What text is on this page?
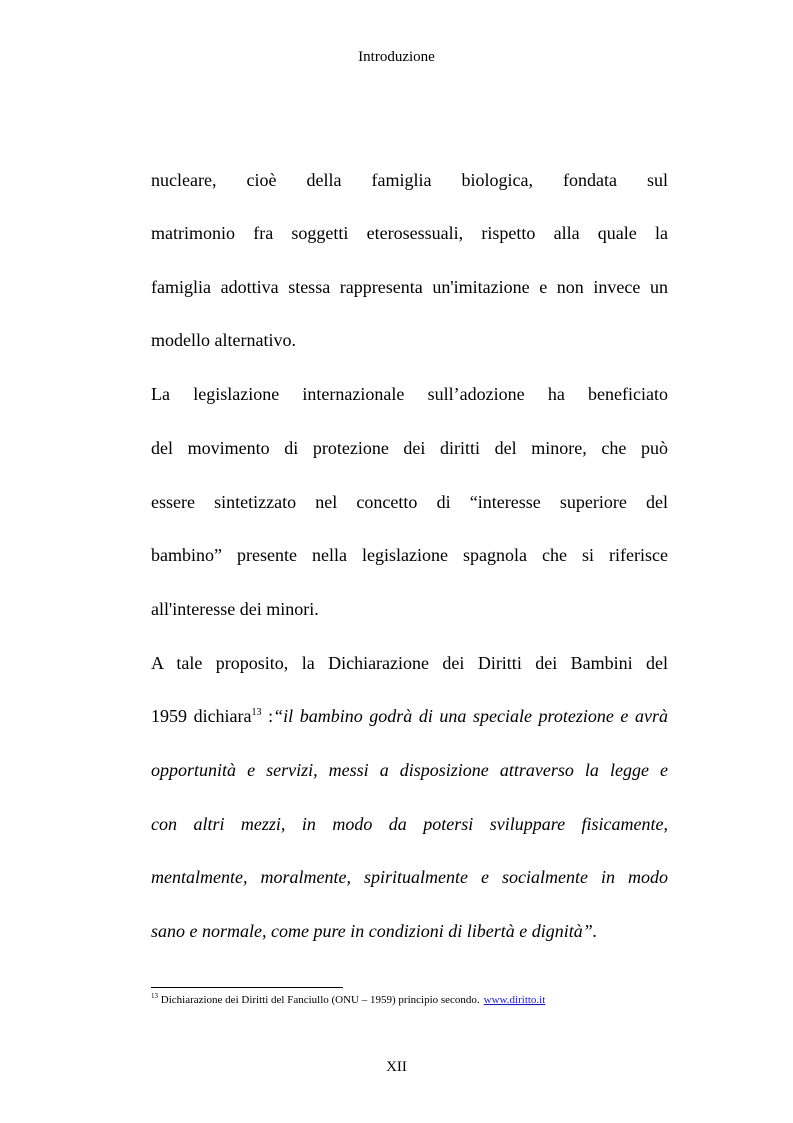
Introduzione
nucleare, cioè della famiglia biologica, fondata sul
matrimonio fra soggetti eterosessuali, rispetto alla quale la
famiglia adottiva stessa rappresenta un'imitazione e non invece un
modello alternativo.
La legislazione internazionale sull’adozione ha beneficiato
del movimento di protezione dei diritti del minore, che può
essere sintetizzato nel concetto di “interesse superiore del
bambino” presente nella legislazione spagnola che si riferisce
all'interesse dei minori.
A tale proposito, la Dichiarazione dei Diritti dei Bambini del
1959 dichiara$^{13}$ :“il bambino godrà di una speciale protezione e avrà
opportunità e servizi, messi a disposizione attraverso la legge e
con altri mezzi, in modo da potersi sviluppare fisicamente,
mentalmente, moralmente, spiritualmente e socialmente in modo
sano e normale, come pure in condizioni di libertà e dignità”.
$^{13}$ Dichiarazione dei Diritti del Fanciullo (ONU – 1959) principio secondo. www.diritto.it
XII
